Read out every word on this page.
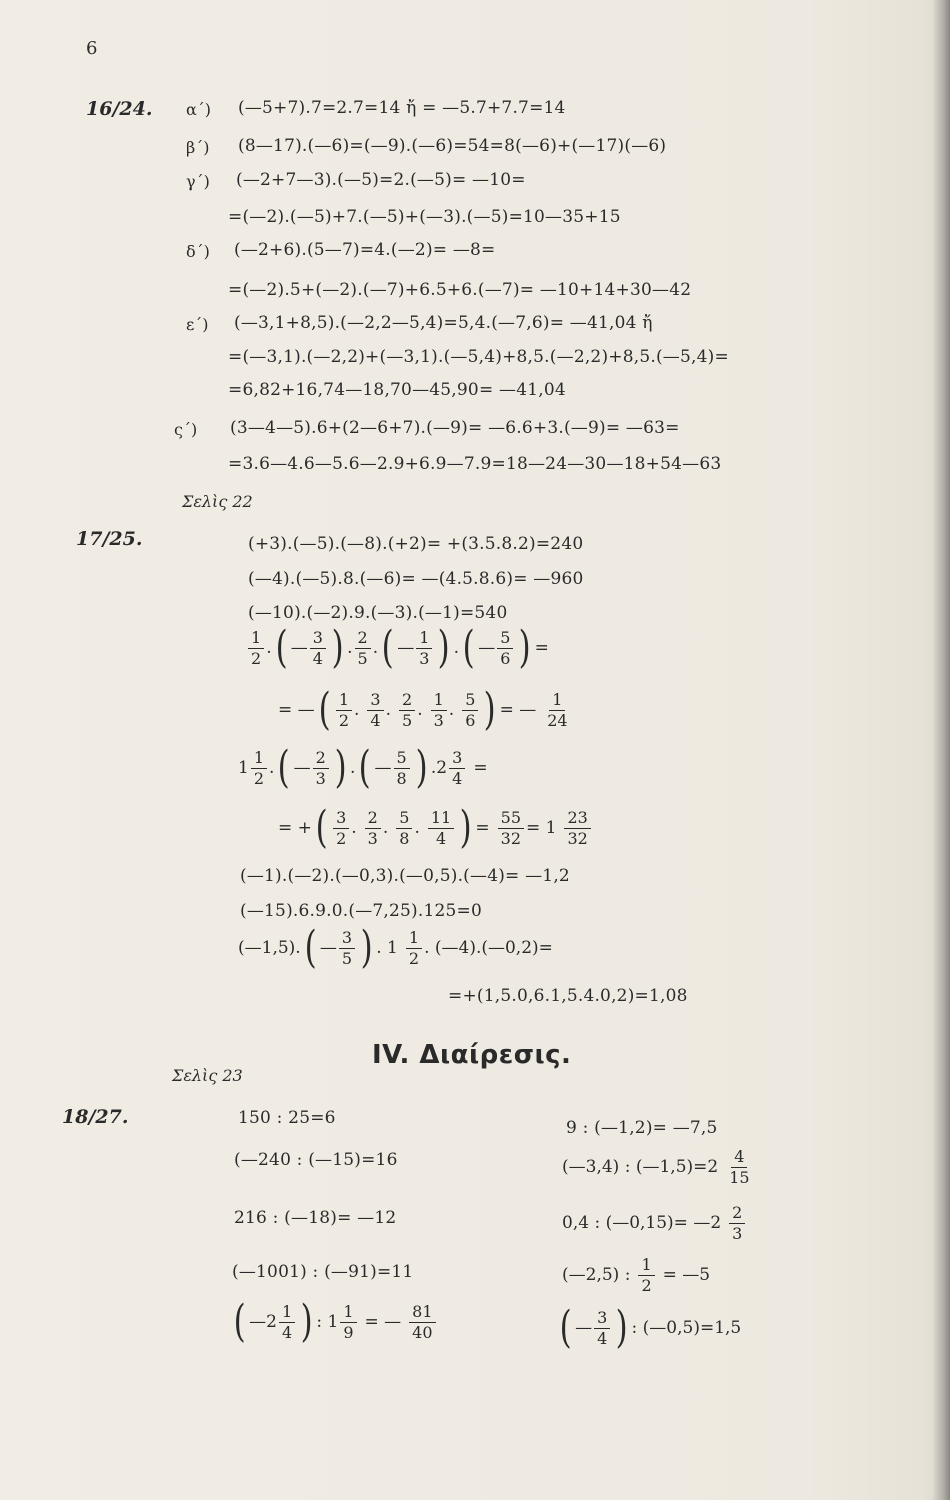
6
16/24. α΄) (—5+7).7=2.7=14 ἤ = —5.7+7.7=14
β΄) (8—17).(—6)=(—9).(—6)=54=8(—6)+(—17)(—6)
γ΄) (—2+7—3).(—5)=2.(—5)= —10=
=(—2).(—5)+7.(—5)+(—3).(—5)=10—35+15
δ΄) (—2+6).(5—7)=4.(—2)= —8=
=(—2).5+(—2).(—7)+6.5+6.(—7)= —10+14+30—42
ε΄) (—3,1+8,5).(—2,2—5,4)=5,4.(—7,6)= —41,04 ἤ
=(—3,1).(—2,2)+(—3,1).(—5,4)+8,5.(—2,2)+8,5.(—5,4)=
=6,82+16,74—18,70—45,90= —41,04
ς΄) (3—4—5).6+(2—6+7).(—9)= —6.6+3.(—9)= —63=
=3.6—4.6—5.6—2.9+6.9—7.9=18—24—30—18+54—63
Σελὶς 22
17/25.	(+3).(—5).(—8).(+2)= +(3.5.8.2)=240
(—4).(—5).8.(—6)= —(4.5.8.6)= —960
(—10).(—2).9.(—3).(—1)=540
$\frac{1}{2}$ . ( — $\frac{3}{4}$ ) . $\frac{2}{5}$ . ( — $\frac{1}{3}$ ) . ( — $\frac{5}{6}$ ) =
= — ( $\frac{1}{2}$ . $\frac{3}{4}$ . $\frac{2}{5}$ . $\frac{1}{3}$ . $\frac{5}{6}$ ) = — $\frac{1}{24}$
$1 \frac{1}{2}$ . ( — $\frac{2}{3}$ ) . ( — $\frac{5}{8}$ ) $.2 \frac{3}{4}$ =
= + ( $\frac{3}{2}$ . $\frac{2}{3}$ . $\frac{5}{8}$ . $\frac{11}{4}$ ) = $\frac{55}{32} = 1 \frac{23}{32}$
(—1).(—2).(—0,3).(—0,5).(—4)= —1,2
(—15).6.9.0.(—7,25).125=0
(—1,5). ( — $\frac{3}{5}$ ) . $1 \frac{1}{2}$ . (—4).(—0,2)=
=+(1,5.0,6.1,5.4.0,2)=1,08
IV. Διαίρεσις.
Σελὶς 23
18/27.	150 : 25=6
(—240 : (—15)=16
216 : (—18)= —12
(—1001) : (—91)=11
( —2 $\frac{1}{4}$ ) : $1 \frac{1}{9}$ = — $\frac{81}{40}$
9 : (—1,2)= —7,5
(—3,4) : (—1,5)=2 $\frac{4}{15}$
0,4 : (—0,15)= —2 $\frac{2}{3}$
(—2,5) : $\frac{1}{2}$ = —5
( — $\frac{3}{4}$ ) : (—0,5)=1,5
